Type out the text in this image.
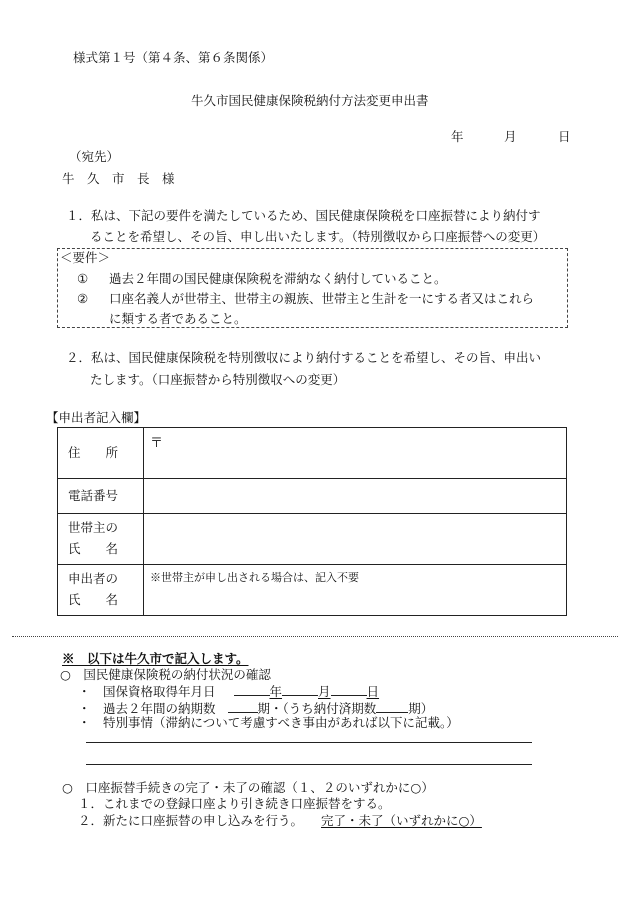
様式第１号（第４条、第６条関係）
牛久市国民健康保険税納付方法変更申出書
年	月	日
（宛先）
牛　久　市　長　様
１．私は、下記の要件を満たしているため、国民健康保険税を口座振替により納付す
ることを希望し、その旨、申し出いたします。（特別徴収から口座振替への変更）
＜要件＞
① 過去２年間の国民健康保険税を滞納なく納付していること。
② 口座名義人が世帯主、世帯主の親族、世帯主と生計を一にする者又はこれら
に類する者であること。
２．私は、国民健康保険税を特別徴収により納付することを希望し、その旨、申出い
たします。（口座振替から特別徴収への変更）
【申出者記入欄】
住　　所	〒
電話番号	
世帯主の
氏　　名	
申出者の
氏　　名	※世帯主が申し出される場合は、記入不要
※　以下は牛久市で記入します。
○　国民健康保険税の納付状況の確認
・　国保資格取得年月日	年	月	日
・　過去２年間の納期数	期・（うち納付済期数	期）
・　特別事情（滞納について考慮すべき事由があれば以下に記載。）
○　口座振替手続きの完了・未了の確認（１、２のいずれかに○）
１．これまでの登録口座より引き続き口座振替をする。
２．新たに口座振替の申し込みを行う。 完了・未了（いずれかに○）
